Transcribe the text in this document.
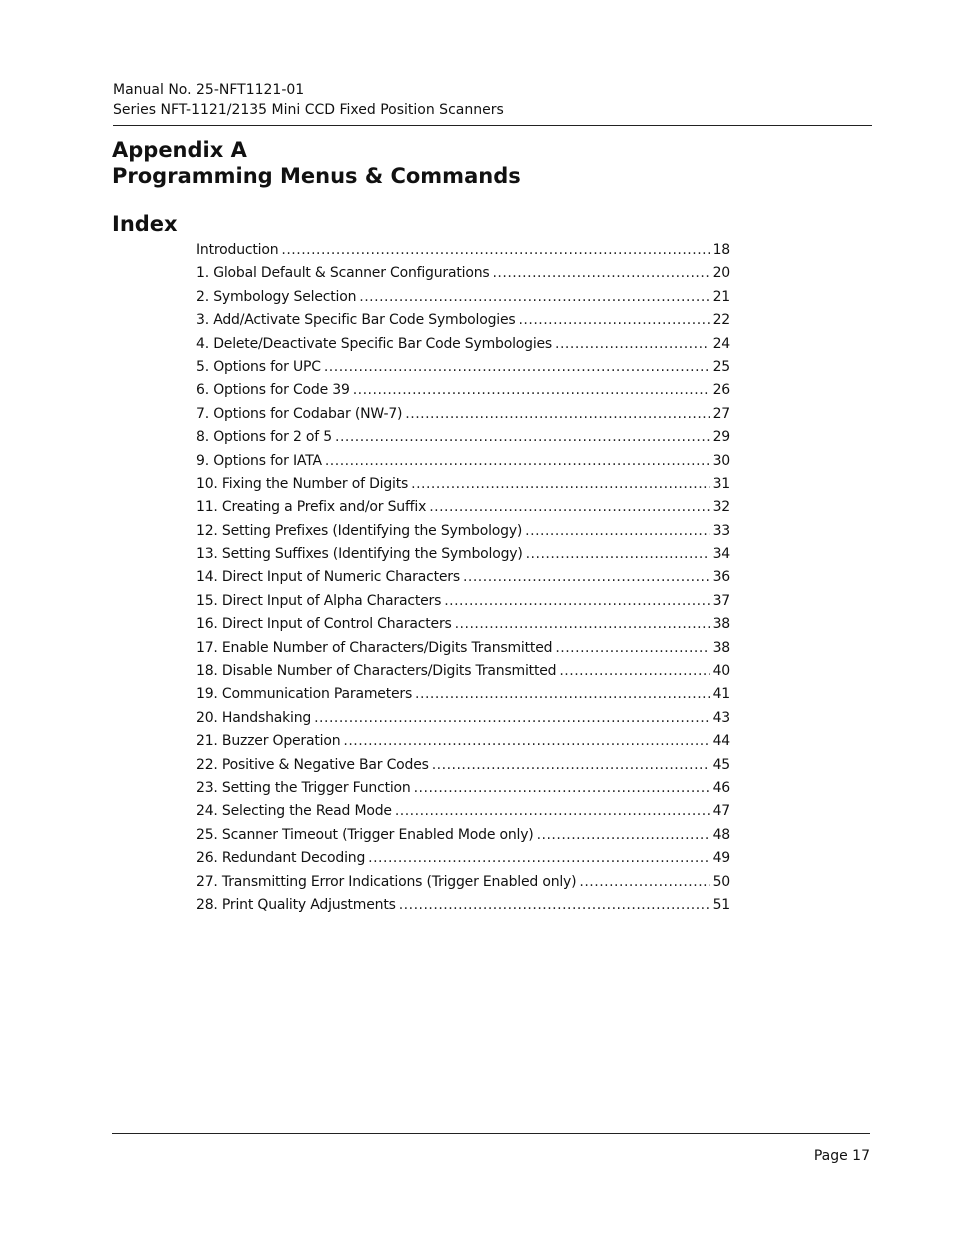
Manual No. 25-NFT1121-01
Series NFT-1121/2135 Mini CCD Fixed Position Scanners
Appendix A
Programming Menus & Commands
Index
Introduction .....	18
1. Global Default & Scanner Configurations .....	20
2. Symbology Selection .....	21
3. Add/Activate Specific Bar Code Symbologies .....	22
4. Delete/Deactivate Specific Bar Code Symbologies .....	24
5. Options for UPC .....	25
6. Options for Code 39 .....	26
7. Options for Codabar (NW-7) .....	27
8. Options for 2 of 5 .....	29
9. Options for IATA .....	30
10. Fixing the Number of Digits .....	31
11. Creating a Prefix and/or Suffix .....	32
12. Setting Prefixes (Identifying the Symbology) .....	33
13. Setting Suffixes (Identifying the Symbology) .....	34
14. Direct Input of Numeric Characters .....	36
15. Direct Input of Alpha Characters .....	37
16. Direct Input of Control Characters .....	38
17. Enable Number of Characters/Digits Transmitted .....	38
18. Disable Number of Characters/Digits Transmitted .....	40
19. Communication Parameters .....	41
20. Handshaking .....	43
21. Buzzer Operation .....	44
22. Positive & Negative Bar Codes .....	45
23. Setting the Trigger Function .....	46
24. Selecting the Read Mode .....	47
25. Scanner Timeout (Trigger Enabled Mode only) .....	48
26. Redundant Decoding .....	49
27. Transmitting Error Indications (Trigger Enabled only) .....	50
28. Print Quality Adjustments .....	51
Page 17
